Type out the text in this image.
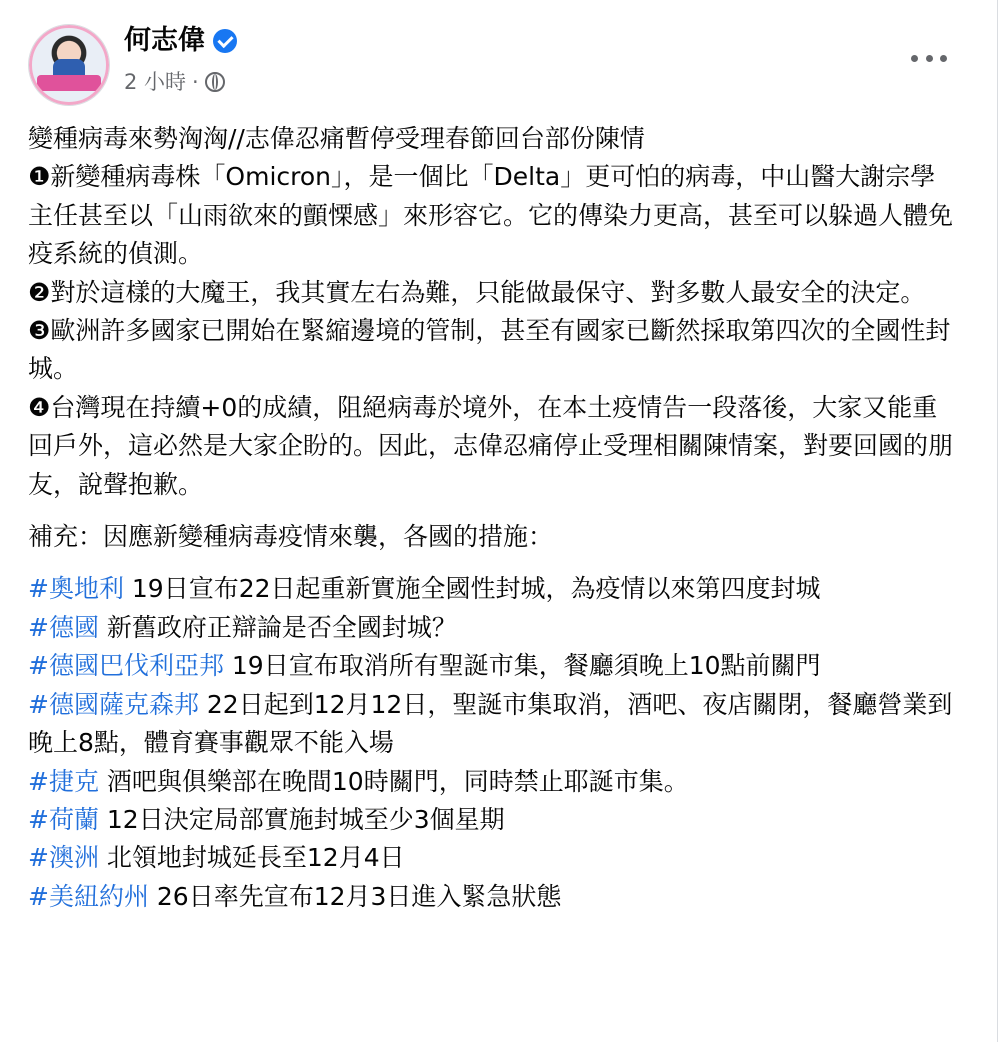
何志偉
2 小時 ·

變種病毒來勢洶洶//志偉忍痛暫停受理春節回台部份陳情
❶新變種病毒株「Omicron」，是一個比「Delta」更可怕的病毒，中山醫大謝宗學主任甚至以「山雨欲來的顫慄感」來形容它。它的傳染力更高，甚至可以躲過人體免疫系統的偵測。
❷對於這樣的大魔王，我其實左右為難，只能做最保守、對多數人最安全的決定。
❸歐洲許多國家已開始在緊縮邊境的管制，甚至有國家已斷然採取第四次的全國性封城。
❹台灣現在持續+0的成績，阻絕病毒於境外，在本土疫情告一段落後，大家又能重回戶外，這必然是大家企盼的。因此，志偉忍痛停止受理相關陳情案，對要回國的朋友，說聲抱歉。

補充：因應新變種病毒疫情來襲，各國的措施：

#奧地利 19日宣布22日起重新實施全國性封城，為疫情以來第四度封城

#德國 新舊政府正辯論是否全國封城？

#德國巴伐利亞邦 19日宣布取消所有聖誕市集，餐廳須晚上10點前關門

#德國薩克森邦 22日起到12月12日，聖誕市集取消，酒吧、夜店關閉，餐廳營業到晚上8點，體育賽事觀眾不能入場

#捷克 酒吧與俱樂部在晚間10時關門，同時禁止耶誕市集。

#荷蘭 12日決定局部實施封城至少3個星期

#澳洲 北領地封城延長至12月4日

#美紐約州 26日率先宣布12月3日進入緊急狀態
